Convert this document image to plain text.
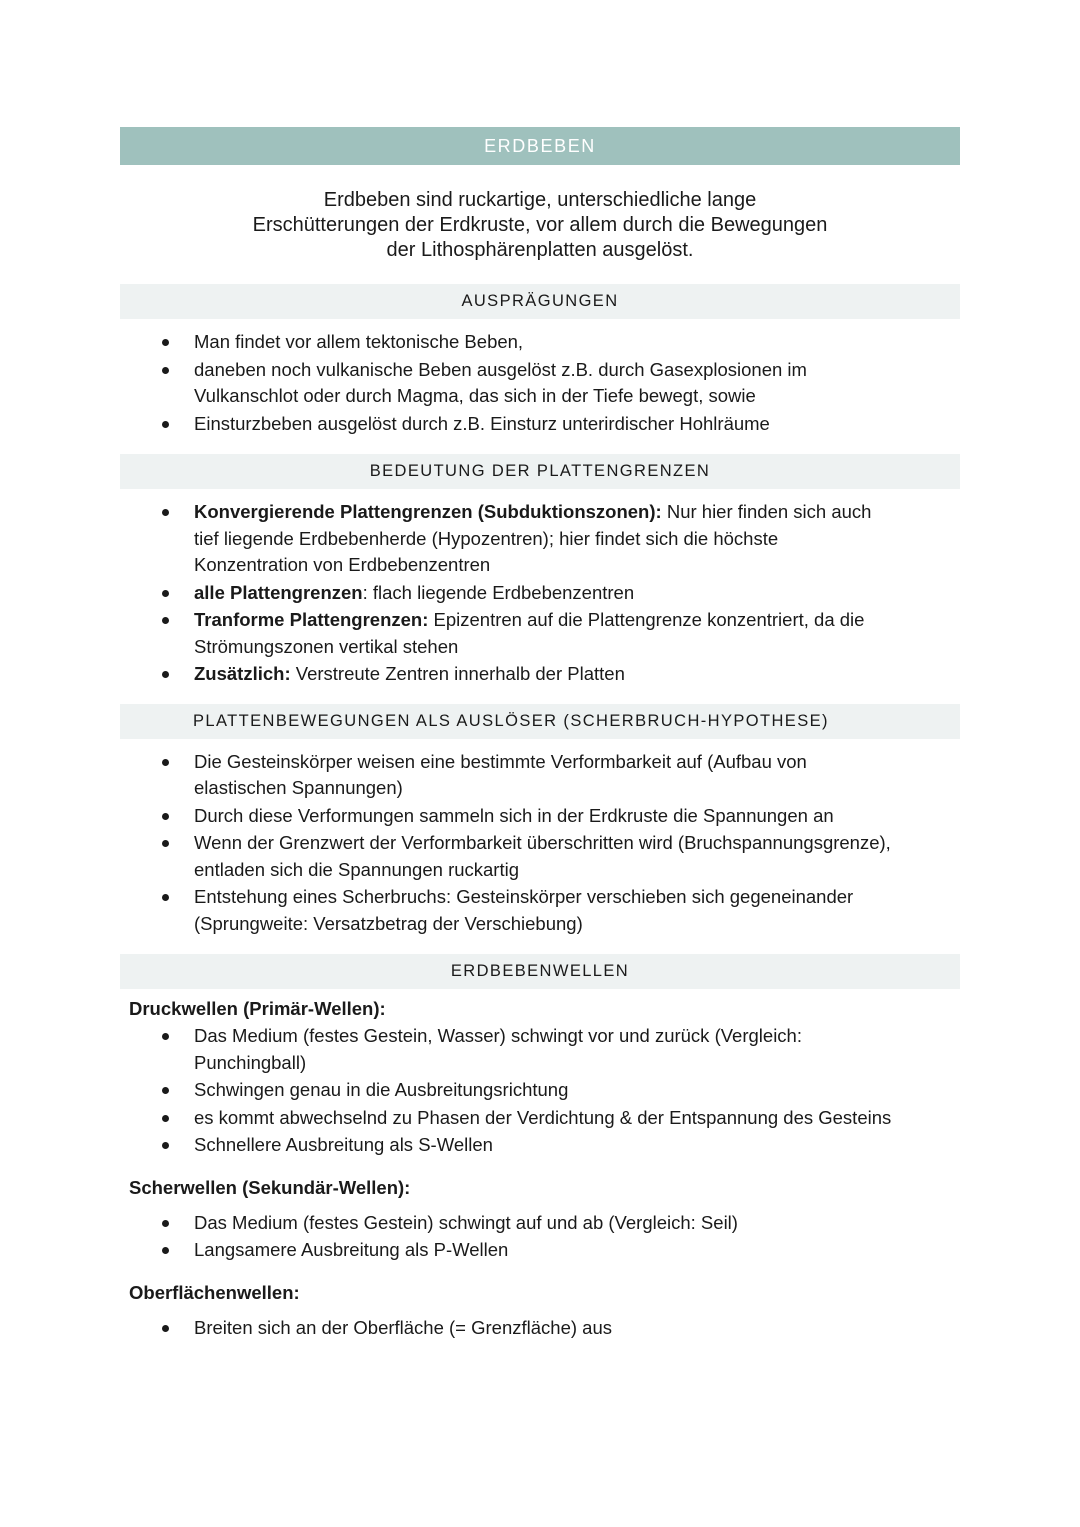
ERDBEBEN
Erdbeben sind ruckartige, unterschiedliche lange
Erschütterungen der Erdkruste, vor allem durch die Bewegungen
der Lithosphärenplatten ausgelöst.
AUSPRÄGUNGEN
Man findet vor allem tektonische Beben,
daneben noch vulkanische Beben ausgelöst z.B. durch Gasexplosionen im
Vulkanschlot oder durch Magma, das sich in der Tiefe bewegt, sowie
Einsturzbeben ausgelöst durch z.B. Einsturz unterirdischer Hohlräume
BEDEUTUNG DER PLATTENGRENZEN
Konvergierende Plattengrenzen (Subduktionszonen): Nur hier finden sich auch
tief liegende Erdbebenherde (Hypozentren); hier findet sich die höchste
Konzentration von Erdbebenzentren
alle Plattengrenzen: flach liegende Erdbebenzentren
Tranforme Plattengrenzen: Epizentren auf die Plattengrenze konzentriert, da die
Strömungszonen vertikal stehen
Zusätzlich: Verstreute Zentren innerhalb der Platten
PLATTENBEWEGUNGEN ALS AUSLÖSER (SCHERBRUCH-HYPOTHESE)
Die Gesteinskörper weisen eine bestimmte Verformbarkeit auf (Aufbau von
elastischen Spannungen)
Durch diese Verformungen sammeln sich in der Erdkruste die Spannungen an
Wenn der Grenzwert der Verformbarkeit überschritten wird (Bruchspannungsgrenze),
entladen sich die Spannungen ruckartig
Entstehung eines Scherbruchs: Gesteinskörper verschieben sich gegeneinander
(Sprungweite: Versatzbetrag der Verschiebung)
ERDBEBENWELLEN
Druckwellen (Primär-Wellen):
Das Medium (festes Gestein, Wasser) schwingt vor und zurück (Vergleich:
Punchingball)
Schwingen genau in die Ausbreitungsrichtung
es kommt abwechselnd zu Phasen der Verdichtung & der Entspannung des Gesteins
Schnellere Ausbreitung als S-Wellen
Scherwellen (Sekundär-Wellen):
Das Medium (festes Gestein) schwingt auf und ab (Vergleich: Seil)
Langsamere Ausbreitung als P-Wellen
Oberflächenwellen:
Breiten sich an der Oberfläche (= Grenzfläche) aus
